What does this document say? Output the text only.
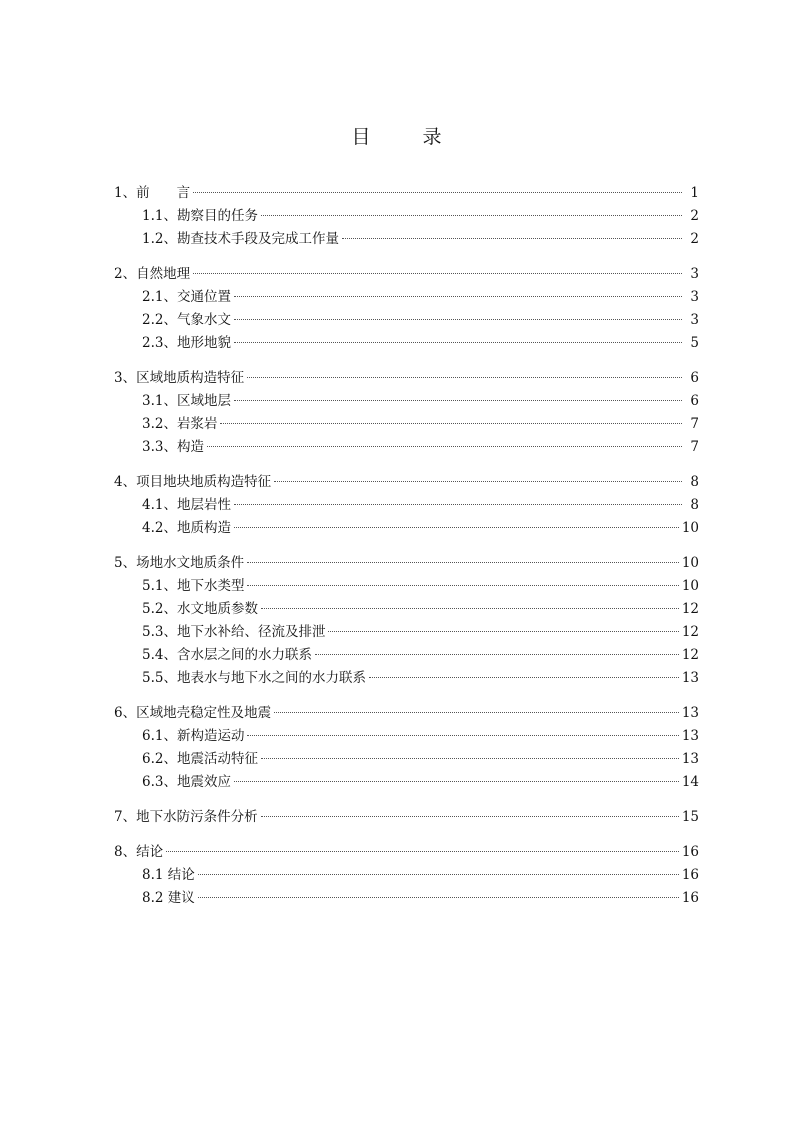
目	录
1、 前　　言	1
1.1、 勘察目的任务	2
1.2、 勘查技术手段及完成工作量	2
2、 自然地理	3
2.1、 交通位置	3
2.2、 气象水文	3
2.3、 地形地貌	5
3、 区域地质构造特征	6
3.1、 区域地层	6
3.2、 岩浆岩	7
3.3、 构造	7
4、 项目地块地质构造特征	8
4.1、 地层岩性	8
4.2、 地质构造	10
5、 场地水文地质条件	10
5.1、 地下水类型	10
5.2、 水文地质参数	12
5.3、 地下水补给、径流及排泄	12
5.4、 含水层之间的水力联系	12
5.5、 地表水与地下水之间的水力联系	13
6、 区域地壳稳定性及地震	13
6.1、 新构造运动	13
6.2、 地震活动特征	13
6.3、 地震效应	14
7、 地下水防污条件分析	15
8、 结论	16
8.1 结论	16
8.2 建议	16
